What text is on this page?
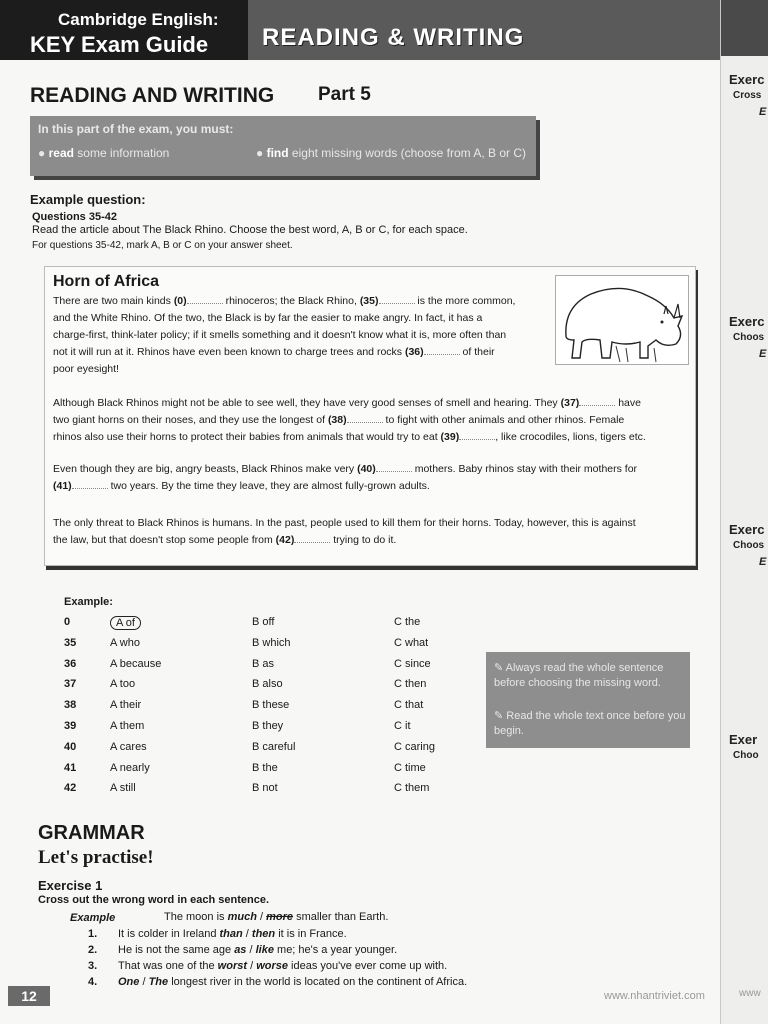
Cambridge English:
KEY Exam Guide READING & WRITING
READING AND WRITING Part 5
In this part of the exam, you must:
● read some information	● find eight missing words (choose from A, B or C)
Example question:
Questions 35-42
Read the article about The Black Rhino. Choose the best word, A, B or C, for each space.
For questions 35-42, mark A, B or C on your answer sheet.
Horn of Africa
There are two main kinds (0)	rhinoceros; the Black Rhino, (35)	is the more common,
and the White Rhino. Of the two, the Black is by far the easier to make angry. In fact, it has a
charge-first, think-later policy; if it smells something and it doesn't know what it is, more often than
not it will run at it. Rhinos have even been known to charge trees and rocks (36)	of their
poor eyesight!
Although Black Rhinos might not be able to see well, they have very good senses of smell and hearing. They (37)	have
two giant horns on their noses, and they use the longest of (38)	to fight with other animals and other rhinos. Female
rhinos also use their horns to protect their babies from animals that would try to eat (39)	, like crocodiles, lions, tigers etc.
Even though they are big, angry beasts, Black Rhinos make very (40)	mothers. Baby rhinos stay with their mothers for
(41)	two years. By the time they leave, they are almost fully-grown adults.
The only threat to Black Rhinos is humans. In the past, people used to kill them for their horns. Today, however, this is against
the law, but that doesn't stop some people from (42)	trying to do it.
Example:
0	A of	B off	C the
35	A who	B which	C what
36	A because	B as	C since
37	A too	B also	C then
38	A their	B these	C that
39	A them	B they	C it
40	A cares	B careful	C caring
41	A nearly	B the	C time
42	A still	B not	C them
✎ Always read the whole sentence before choosing the missing word.
✎ Read the whole text once before you begin.
GRAMMAR
Let's practise!
Exercise 1
Cross out the wrong word in each sentence.
Example	The moon is much / more smaller than Earth.
1. It is colder in Ireland than / then it is in France.
2. He is not the same age as / like me; he's a year younger.
3. That was one of the worst / worse ideas you've ever come up with.
4. One / The longest river in the world is located on the continent of Africa.
12	www.nhantriviet.com
Exerc
Cross
E
Exerc
Choos
E
Exerc
Choos
E
Exer
Choo
www
